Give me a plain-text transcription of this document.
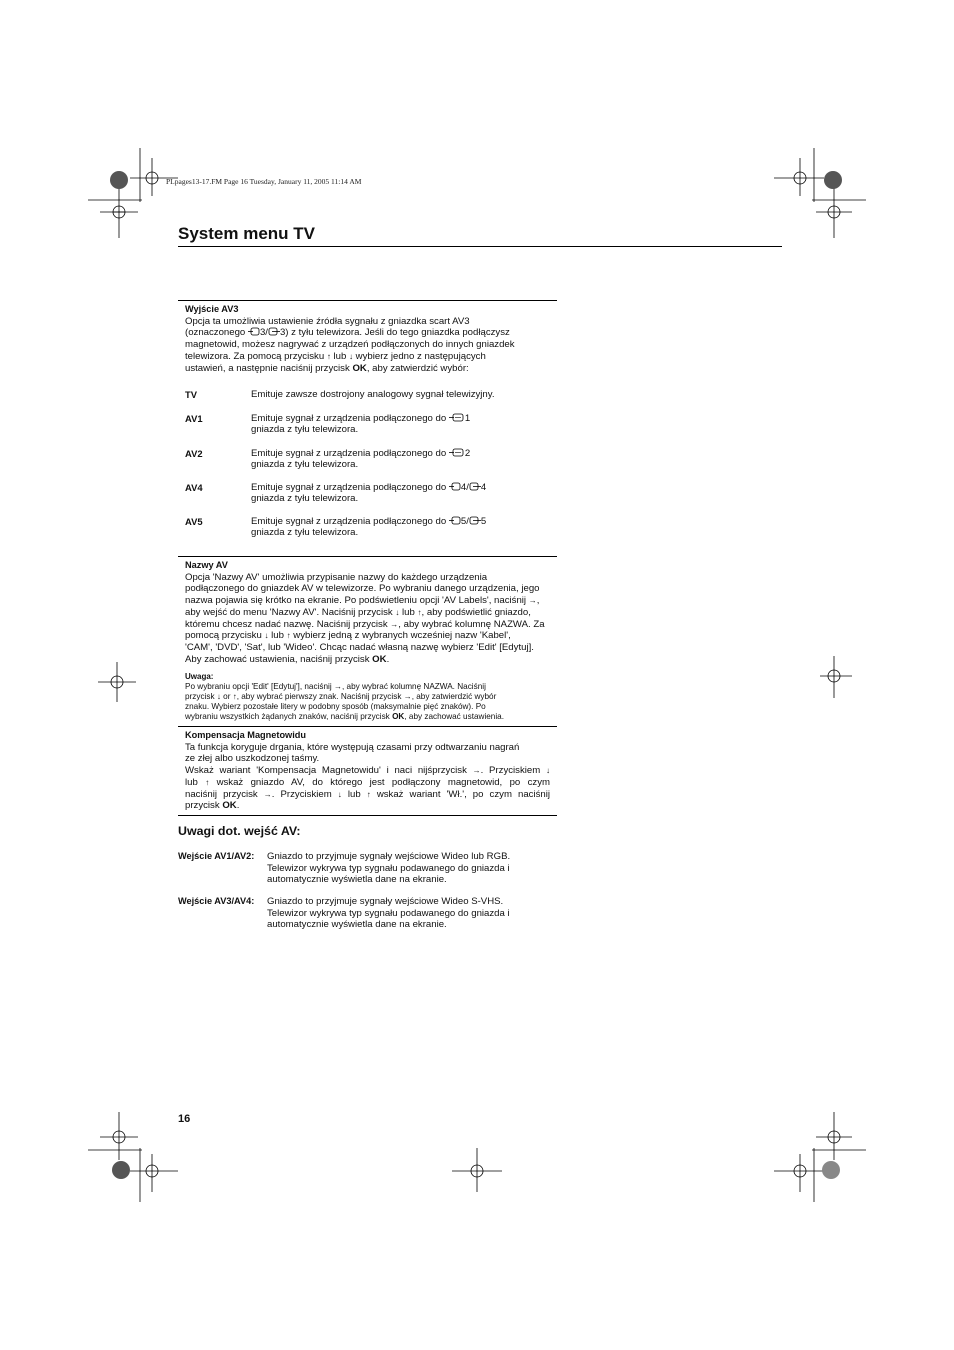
PLpages13-17.FM Page 16 Tuesday, January 11, 2005 11:14 AM
System menu TV
Wyjście AV3

Opcja ta umożliwia ustawienie źródła sygnału z gniazdka scart AV3

(oznaczonego 3/ 3) z tyłu telewizora. Jeśli do tego gniazdka podłączysz

magnetowid, możesz nagrywać z urządzeń podłączonych do innych gniazdek

telewizora. Za pomocą przycisku ↑ lub ↓ wybierz jedno z następujących

ustawień, a następnie naciśnij przycisk OK, aby zatwierdzić wybór:

TV	Emituje zawsze dostrojony analogowy sygnał telewizyjny.
AV1	Emituje sygnał z urządzenia podłączonego do 1
gniazda z tyłu telewizora.
AV2	Emituje sygnał z urządzenia podłączonego do 2
gniazda z tyłu telewizora.
AV4	Emituje sygnał z urządzenia podłączonego do 4/ 4
gniazda z tyłu telewizora.
AV5	Emituje sygnał z urządzenia podłączonego do 5/ 5
gniazda z tyłu telewizora.
Nazwy AV

Opcja 'Nazwy AV' umożliwia przypisanie nazwy do każdego urządzenia

podłączonego do gniazdek AV w telewizorze. Po wybraniu danego urządzenia, jego

nazwa pojawia się krótko na ekranie. Po podświetleniu opcji 'AV Labels', naciśnij →,

aby wejść do menu 'Nazwy AV'. Naciśnij przycisk ↓ lub ↑, aby podświetlić gniazdo,

któremu chcesz nadać nazwę. Naciśnij przycisk →, aby wybrać kolumnę NAZWA. Za

pomocą przycisku ↓ lub ↑ wybierz jedną z wybranych wcześniej nazw 'Kabel',

'CAM', 'DVD', 'Sat', lub 'Wideo'. Chcąc nadać własną nazwę wybierz 'Edit' [Edytuj].

Aby zachować ustawienia, naciśnij przycisk OK.

Uwaga:
Po wybraniu opcji 'Edit' [Edytuj'], naciśnij →, aby wybrać kolumnę NAZWA. Naciśnij
przycisk ↓ or ↑, aby wybrać pierwszy znak. Naciśnij przycisk →, aby zatwierdzić wybór
znaku. Wybierz pozostałe litery w podobny sposób (maksymalnie pięć znaków). Po
wybraniu wszystkich żądanych znaków, naciśnij przycisk OK, aby zachować ustawienia.
Kompensacja Magnetowidu

Ta funkcja koryguje drgania, które występują czasami przy odtwarzaniu nagrań

ze złej albo uszkodzonej taśmy.

Wskaż wariant 'Kompensacja Magnetowidu' i naci nijśprzycisk →. Przyciskiem ↓

lub ↑ wskaż gniazdo AV, do którego jest podłączony magnetowid, po czym

naciśnij przycisk →. Przyciskiem ↓ lub ↑ wskaż wariant 'Wł.', po czym naciśnij

przycisk OK.

Uwagi dot. wejść AV:
Wejście AV1/AV2: Gniazdo to przyjmuje sygnały wejściowe Wideo lub RGB.
Telewizor wykrywa typ sygnału podawanego do gniazda i
automatycznie wyświetla dane na ekranie.
Wejście AV3/AV4: Gniazdo to przyjmuje sygnały wejściowe Wideo S-VHS.
Telewizor wykrywa typ sygnału podawanego do gniazda i
automatycznie wyświetla dane na ekranie.
16
